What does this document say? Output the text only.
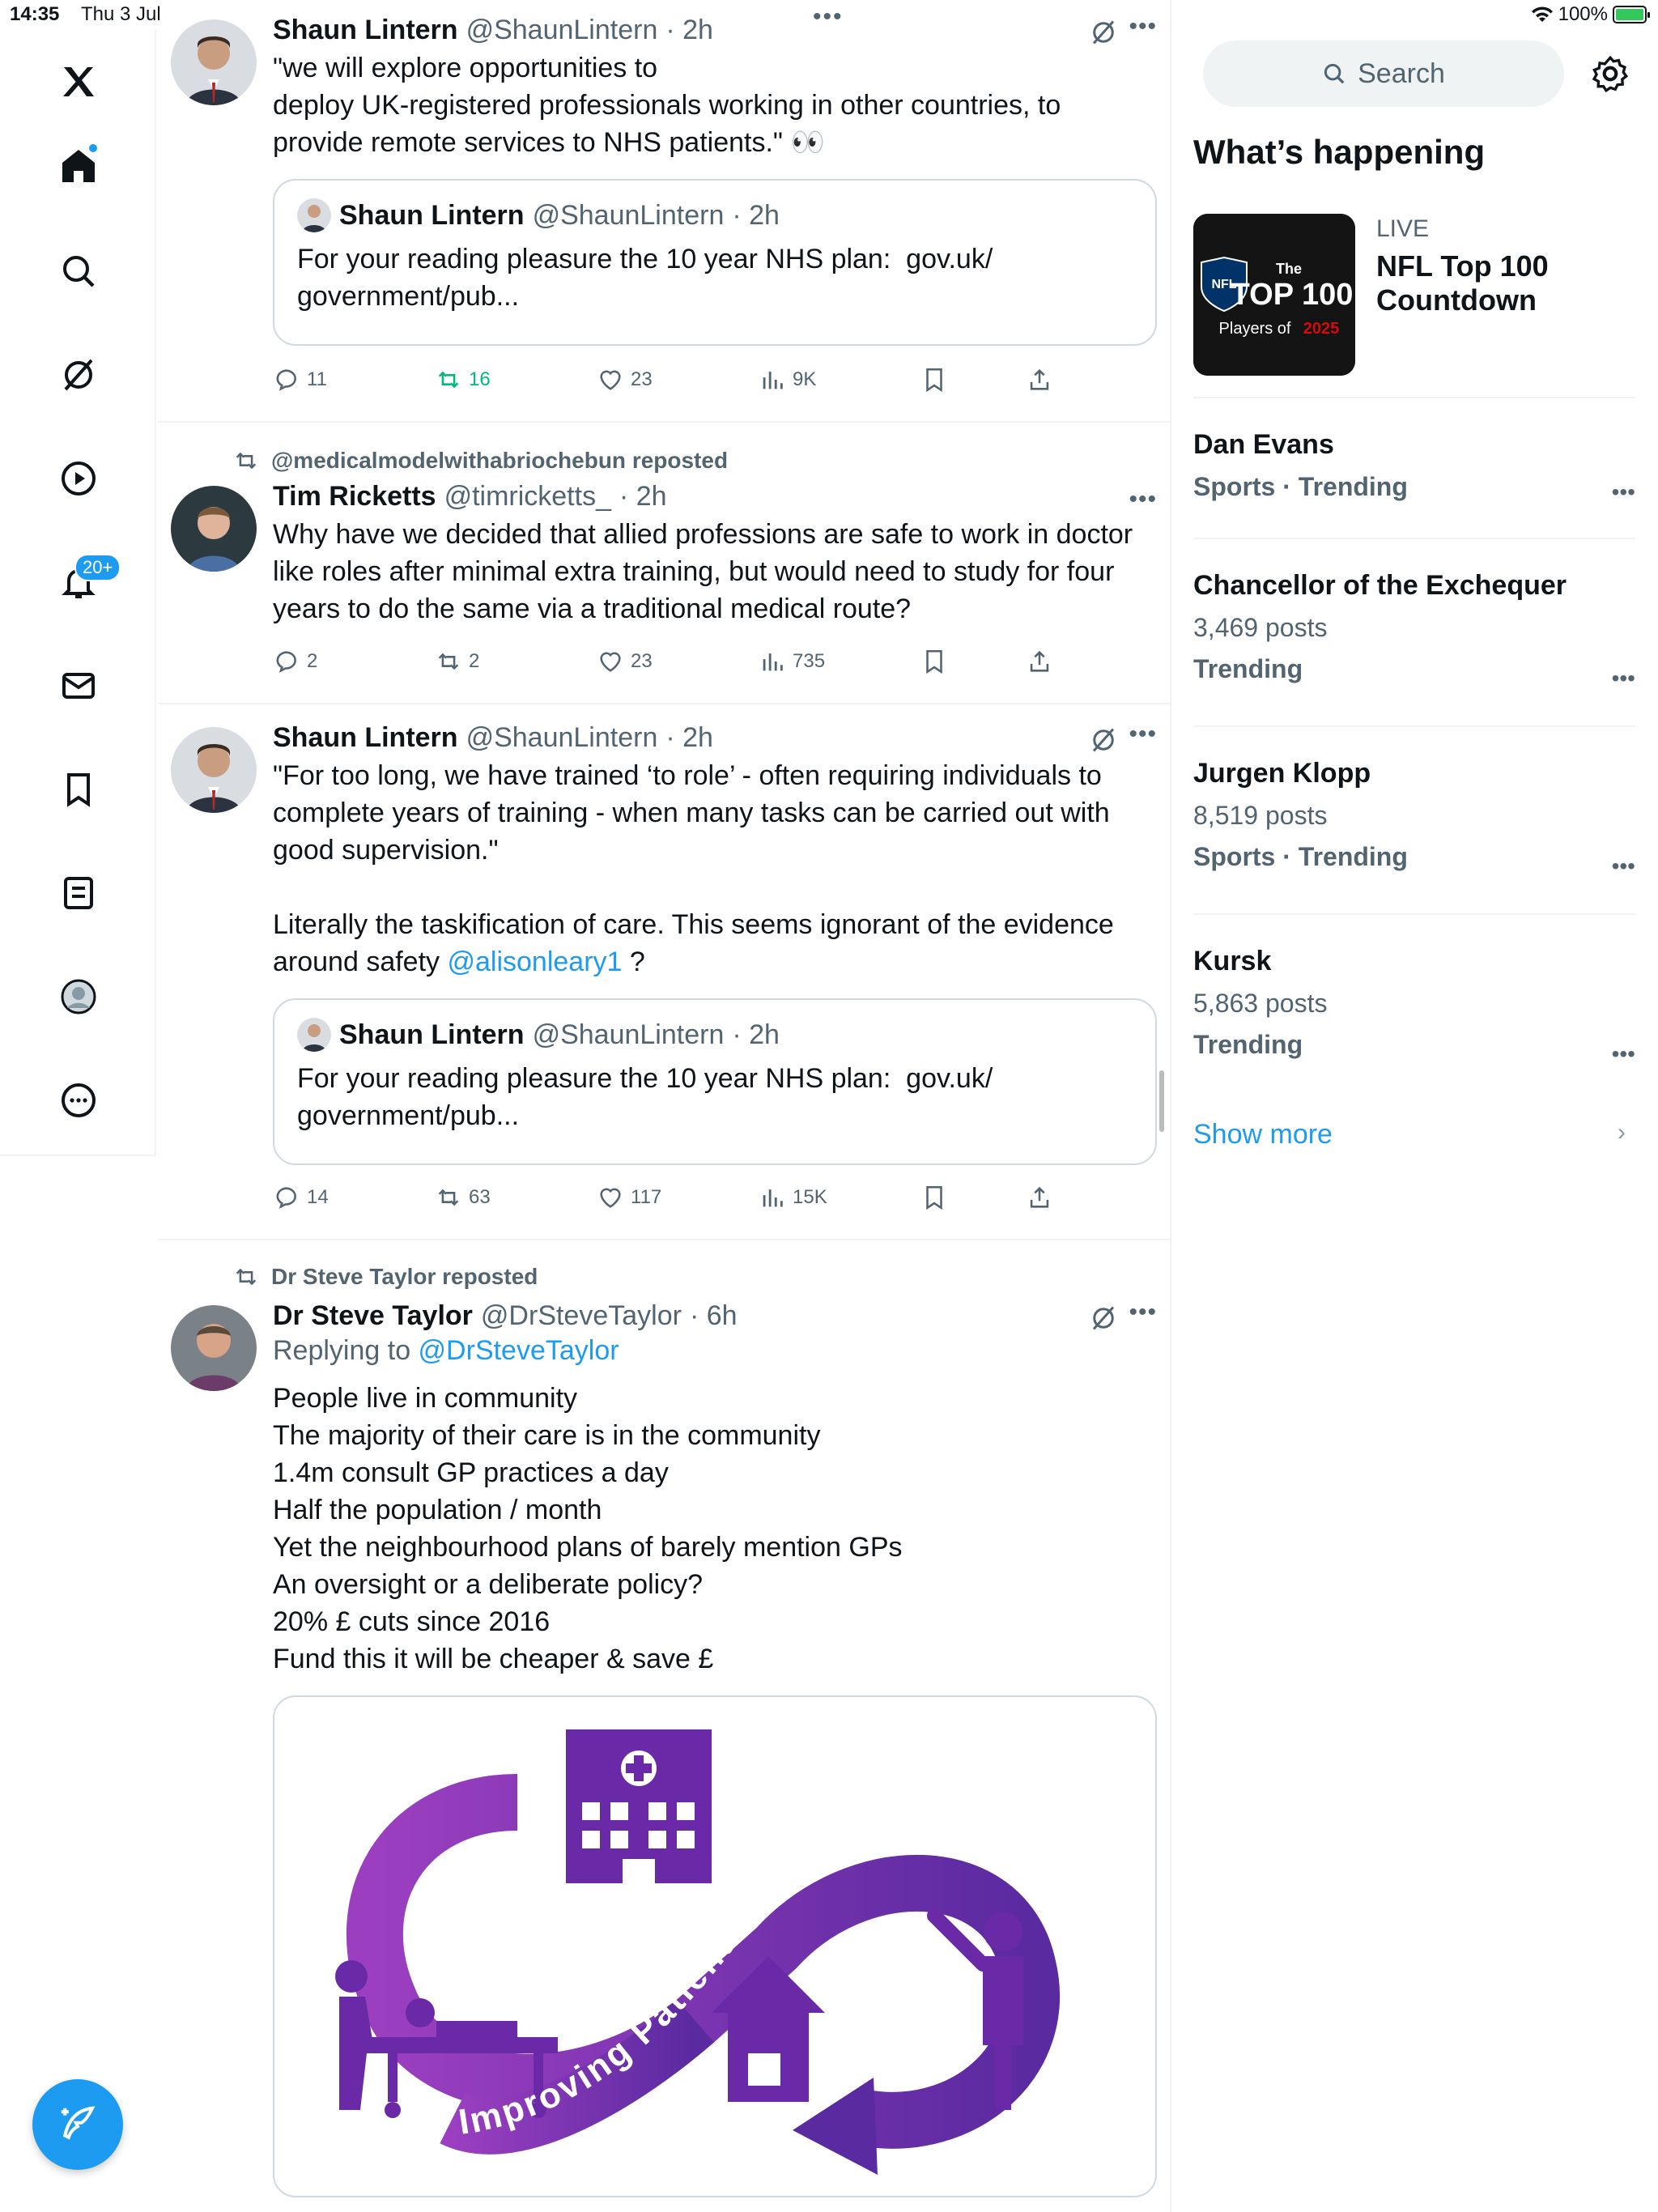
14:35 Thu 3 Jul	•••	100%
20+
Shaun Lintern @ShaunLintern · 2h
"we will explore opportunities to
deploy UK-registered professionals working in other countries, to provide remote services to NHS patients." 👀
Shaun Lintern @ShaunLintern · 2h
For your reading pleasure the 10 year NHS plan:  gov.uk/
government/pub...
•••
11	16	23	9K
@medicalmodelwithabriochebun reposted
Tim Ricketts @timricketts_ · 2h
Why have we decided that allied professions are safe to work in doctor like roles after minimal extra training, but would need to study for four years to do the same via a traditional medical route?
•••
2	2	23	735
Shaun Lintern @ShaunLintern · 2h
"For too long, we have trained ‘to role’ - often requiring individuals to complete years of training - when many tasks can be carried out with good supervision."

Literally the taskification of care. This seems ignorant of the evidence around safety @alisonleary1 ?
Shaun Lintern @ShaunLintern · 2h
For your reading pleasure the 10 year NHS plan:  gov.uk/
government/pub...
•••
14	63	117	15K
Dr Steve Taylor reposted
Dr Steve Taylor @DrSteveTaylor · 6h
Replying to @DrSteveTaylor
People live in community
The majority of their care is in the community
1.4m consult GP practices a day
Half the population / month
Yet the neighbourhood plans of barely mention GPs
An oversight or a deliberate policy?
20% £ cuts since 2016
Fund this it will be cheaper & save £
Improving Patient Flow
•••
Search
What’s happening
NFL
The
TOP 100
Players of 2025
LIVE
NFL Top 100 Countdown
Dan Evans
Sports · Trending	•••
Chancellor of the Exchequer
3,469 posts
Trending	•••
Jurgen Klopp
8,519 posts
Sports · Trending	•••
Kursk
5,863 posts
Trending	•••
Show more	›
